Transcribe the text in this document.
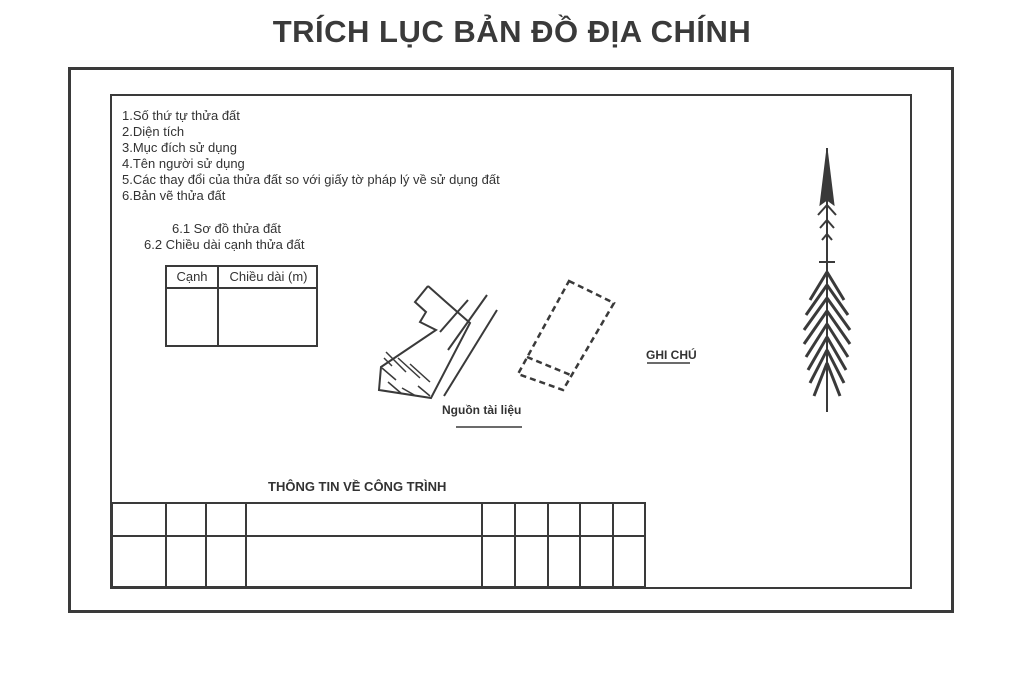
TRÍCH LỤC BẢN ĐỒ ĐỊA CHÍNH
1.Số thứ tự thửa đất
2.Diện tích
3.Mục đích sử dụng
4.Tên người sử dụng
5.Các thay đổi của thửa đất so với giấy tờ pháp lý về sử dụng đất
6.Bản vẽ thửa đất
6.1 Sơ đồ thửa đất
6.2 Chiều dài cạnh thửa đất
Cạnh	Chiều dài (m)
Nguồn tài liệu
GHI CHÚ
THÔNG TIN VỀ CÔNG TRÌNH
